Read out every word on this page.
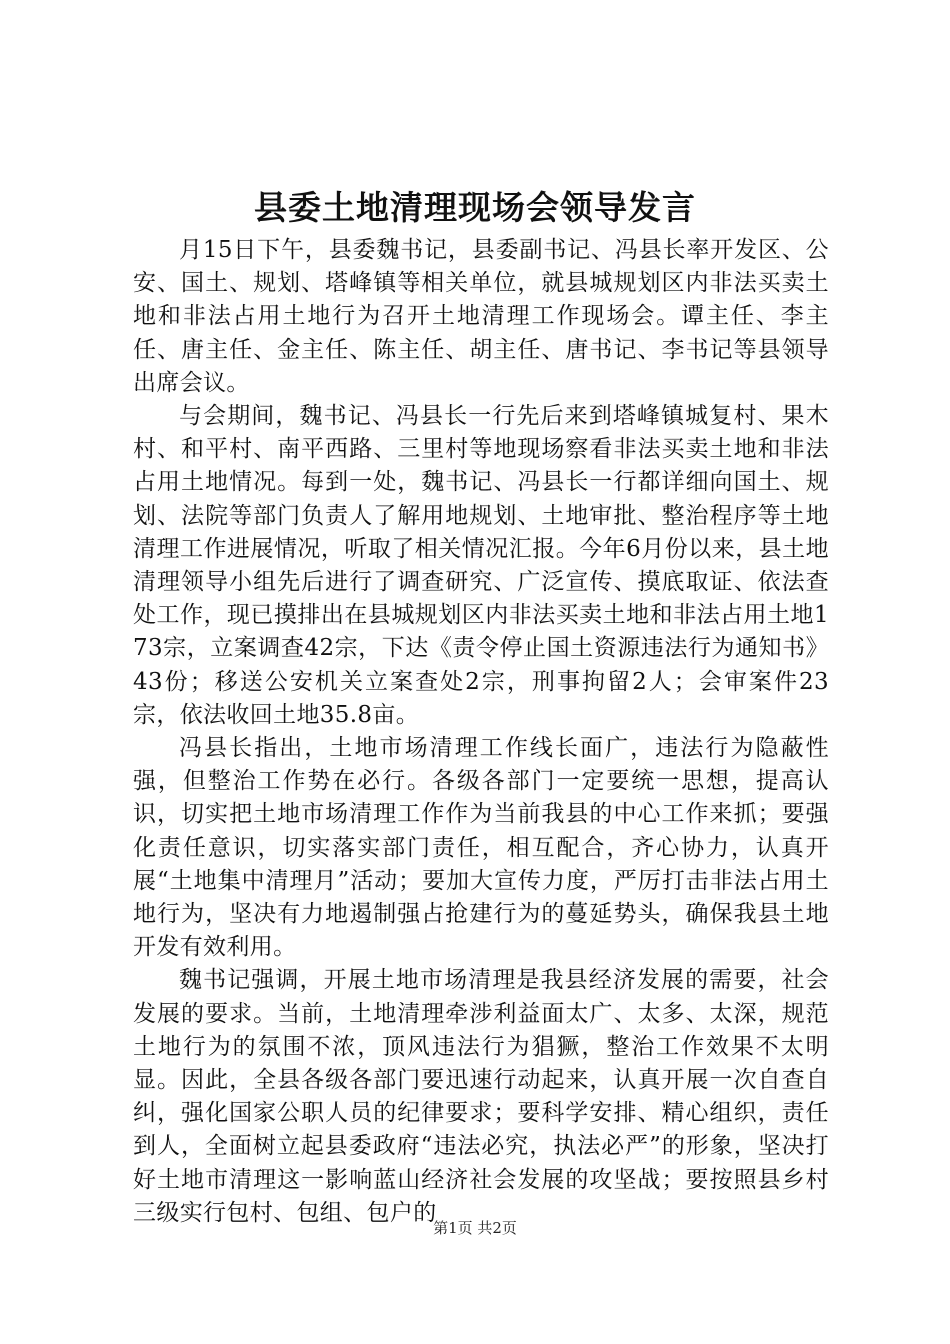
县委土地清理现场会领导发言

月15日下午，县委魏书记，县委副书记、冯县长率开发区、公安、国土、规划、塔峰镇等相关单位，就县城规划区内非法买卖土地和非法占用土地行为召开土地清理工作现场会。谭主任、李主任、唐主任、金主任、陈主任、胡主任、唐书记、李书记等县领导出席会议。

与会期间，魏书记、冯县长一行先后来到塔峰镇城复村、果木村、和平村、南平西路、三里村等地现场察看非法买卖土地和非法占用土地情况。每到一处，魏书记、冯县长一行都详细向国土、规划、法院等部门负责人了解用地规划、土地审批、整治程序等土地清理工作进展情况，听取了相关情况汇报。今年6月份以来，县土地清理领导小组先后进行了调查研究、广泛宣传、摸底取证、依法查处工作，现已摸排出在县城规划区内非法买卖土地和非法占用土地173宗，立案调查42宗，下达《责令停止国土资源违法行为通知书》43份；移送公安机关立案查处2宗，刑事拘留2人；会审案件23宗，依法收回土地35.8亩。

冯县长指出，土地市场清理工作线长面广，违法行为隐蔽性强，但整治工作势在必行。各级各部门一定要统一思想，提高认识，切实把土地市场清理工作作为当前我县的中心工作来抓；要强化责任意识，切实落实部门责任，相互配合，齐心协力，认真开展“土地集中清理月”活动；要加大宣传力度，严厉打击非法占用土地行为，坚决有力地遏制强占抢建行为的蔓延势头，确保我县土地开发有效利用。

魏书记强调，开展土地市场清理是我县经济发展的需要，社会发展的要求。当前，土地清理牵涉利益面太广、太多、太深，规范土地行为的氛围不浓，顶风违法行为猖獗，整治工作效果不太明显。因此，全县各级各部门要迅速行动起来，认真开展一次自查自纠，强化国家公职人员的纪律要求；要科学安排、精心组织，责任到人，全面树立起县委政府“违法必究，执法必严”的形象，坚决打好土地市清理这一影响蓝山经济社会发展的攻坚战；要按照县乡村三级实行包村、包组、包户的

第1页 共2页
